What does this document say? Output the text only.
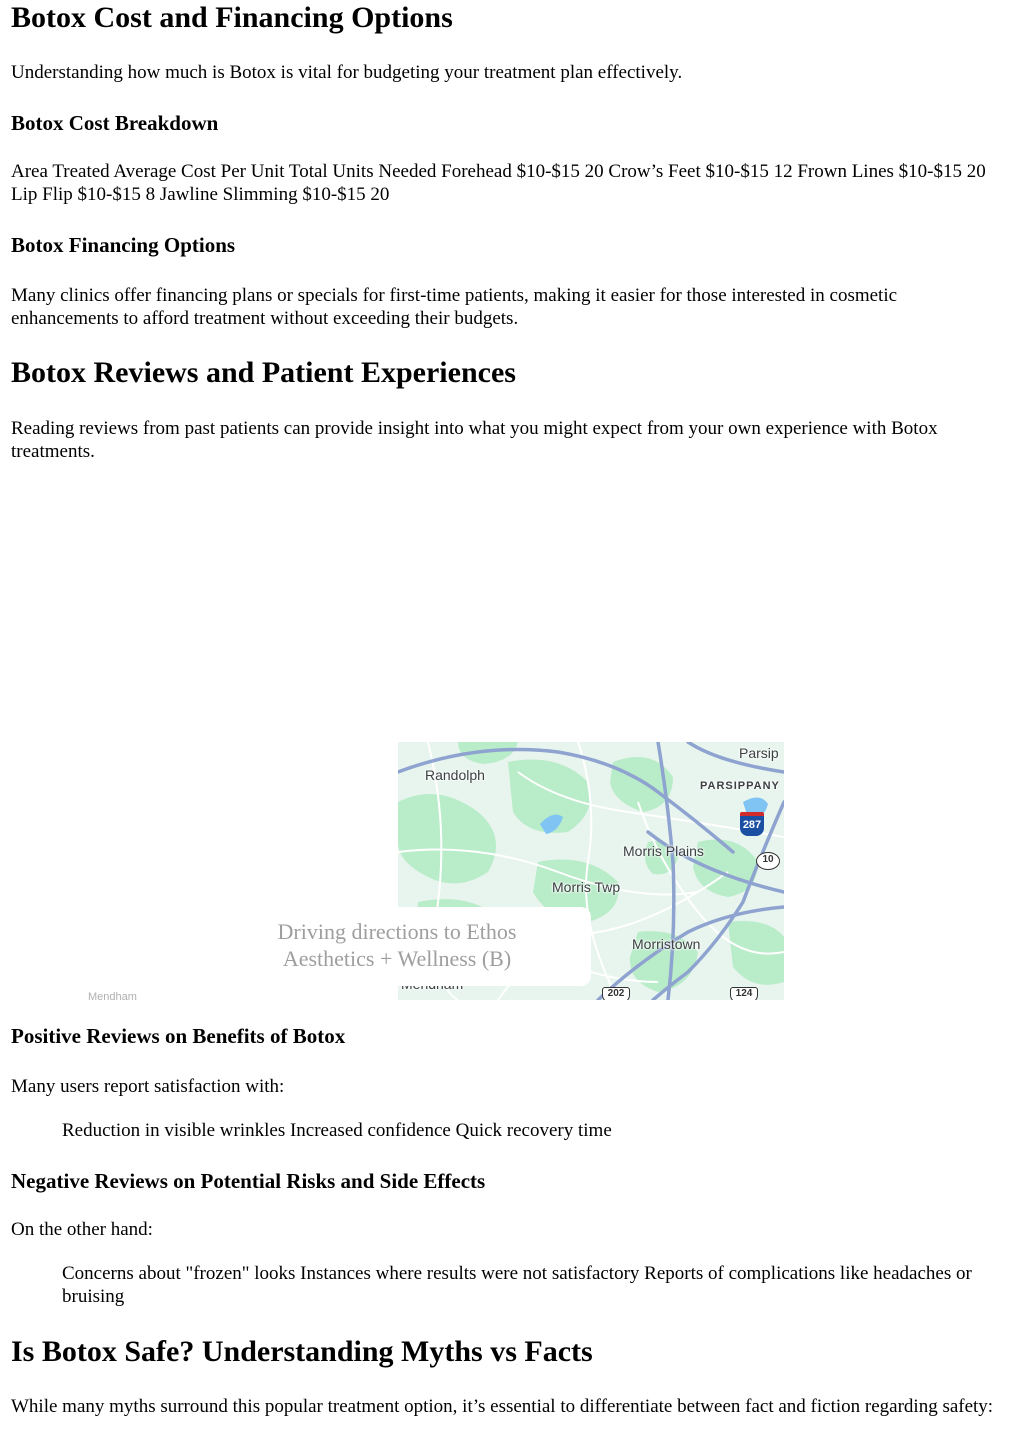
Botox Cost and Financing Options
Understanding how much is Botox is vital for budgeting your treatment plan effectively.
Botox Cost Breakdown
Area Treated Average Cost Per Unit Total Units Needed Forehead $10-$15 20 Crow’s Feet $10-$15 12 Frown Lines $10-$15 20 Lip Flip $10-$15 8 Jawline Slimming $10-$15 20
Botox Financing Options
Many clinics offer financing plans or specials for first-time patients, making it easier for those interested in cosmetic enhancements to afford treatment without exceeding their budgets.
Botox Reviews and Patient Experiences
Reading reviews from past patients can provide insight into what you might expect from your own experience with Botox treatments.
Positive Reviews on Benefits of Botox
Many users report satisfaction with:
Reduction in visible wrinkles Increased confidence Quick recovery time
Negative Reviews on Potential Risks and Side Effects
On the other hand:
Concerns about "frozen" looks Instances where results were not satisfactory Reports of complications like headaches or bruising
Is Botox Safe? Understanding Myths vs Facts
While many myths surround this popular treatment option, it’s essential to differentiate between fact and fiction regarding safety:
Randolph
Parsip
PARSIPPANY
Morris Plains
Morris Twp
Morristown
287
10
202	124
Mendham
Driving directions to Ethos
Aesthetics + Wellness (B)
